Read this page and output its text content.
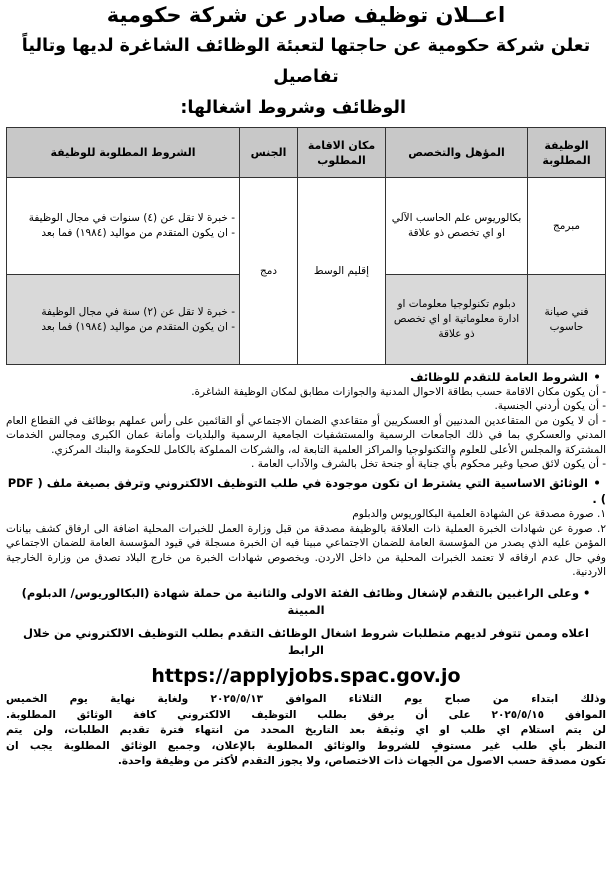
اعــلان توظيف صادر عن شركة حكومية
تعلن شركة حكومية عن حاجتها لتعبئة الوظائف الشاغرة لديها وتالياً تفاصيل
الوظائف وشروط اشغالها:
الوظيفة المطلوبة	المؤهل والتخصص	مكان الاقامة المطلوب	الجنس	الشروط المطلوبة للوظيفة
مبرمج	بكالوريوس علم الحاسب الآلي او اي تخصص ذو علاقة	إقليم الوسط	دمج	- خبرة لا تقل عن (٤) سنوات في مجال الوظيفة
- ان يكون المتقدم من مواليد (١٩٨٤) فما بعد

فني صيانة حاسوب	دبلوم تكنولوجيا معلومات او ادارة معلوماتية او اي تخصص ذو علاقة			- خبرة لا تقل عن (٢) سنة في مجال الوظيفة
- ان يكون المتقدم من مواليد (١٩٨٤) فما بعد
•الشروط العامة للتقدم للوظائف
- أن يكون مكان الاقامة حسب بطاقة الاحوال المدنية والجوازات مطابق لمكان الوظيفة الشاغرة.
- أن يكون أردني الجنسية.
- أن لا يكون من المتقاعدين المدنيين أو العسكريين أو متقاعدي الضمان الاجتماعي أو القائمين على رأس عملهم بوظائف في القطاع العام المدني والعسكري بما في ذلك الجامعات الرسمية والمستشفيات الجامعية الرسمية والبلديات وأمانة عمان الكبرى ومجالس الخدمات المشتركة والمجلس الأعلى للعلوم والتكنولوجيا والمراكز العلمية التابعة له، والشركات المملوكة بالكامل للحكومة والبنك المركزي.
- أن يكون لائق صحيا وغير محكوم بأي جناية أو جنحة تخل بالشرف والآداب العامة .
•الوثائق الاساسية التي يشترط ان تكون موجودة في طلب التوظيف الالكتروني وترفق بصيغة ملف ( PDF ) .
١. صورة مصدقة عن الشهادة العلمية البكالوريوس والدبلوم
٢. صورة عن شهادات الخبرة العملية ذات العلاقة بالوظيفة مصدقة من قبل وزارة العمل للخبرات المحلية اضافة الى ارفاق كشف بيانات المؤمن عليه الذي يصدر من المؤسسة العامة للضمان الاجتماعي مبينا فيه ان الخبرة مسجلة في قيود المؤسسة العامة للضمان الاجتماعي وفي حال عدم ارفاقه لا تعتمد الخبرات المحلية من داخل الاردن. وبخصوص شهادات الخبرة من خارج البلاد تصدق من وزارة الخارجية الاردنية.
• وعلى الراغبين بالتقدم لإشغال وظائف الفئة الاولى والثانية من حملة شهادة (البكالوريوس/ الدبلوم) المبينة
اعلاه وممن تتوفر لديهم متطلبات شروط اشغال الوظائف التقدم بطلب التوظيف الالكتروني من خلال الرابط
https://applyjobs.spac.gov.jo
وذلك ابتداء من صباح يوم الثلاثاء الموافق ٢٠٢٥/٥/١٣ ولغاية نهاية يوم الخميس
الموافق ٢٠٢٥/٥/١٥ على أن يرفق بطلب التوظيف الالكتروني كافة الوثائق المطلوبة.
لن يتم استلام اي طلب او اي وثيقة بعد التاريخ المحدد من انتهاء فترة تقديم الطلبات، ولن يتم
النظر بأي طلب غير مستوفٍ للشروط والوثائق المطلوبة بالإعلان، وجميع الوثائق المطلوبة يجب ان
تكون مصدقة حسب الاصول من الجهات ذات الاختصاص، ولا يجوز التقدم لأكثر من وظيفة واحدة.
